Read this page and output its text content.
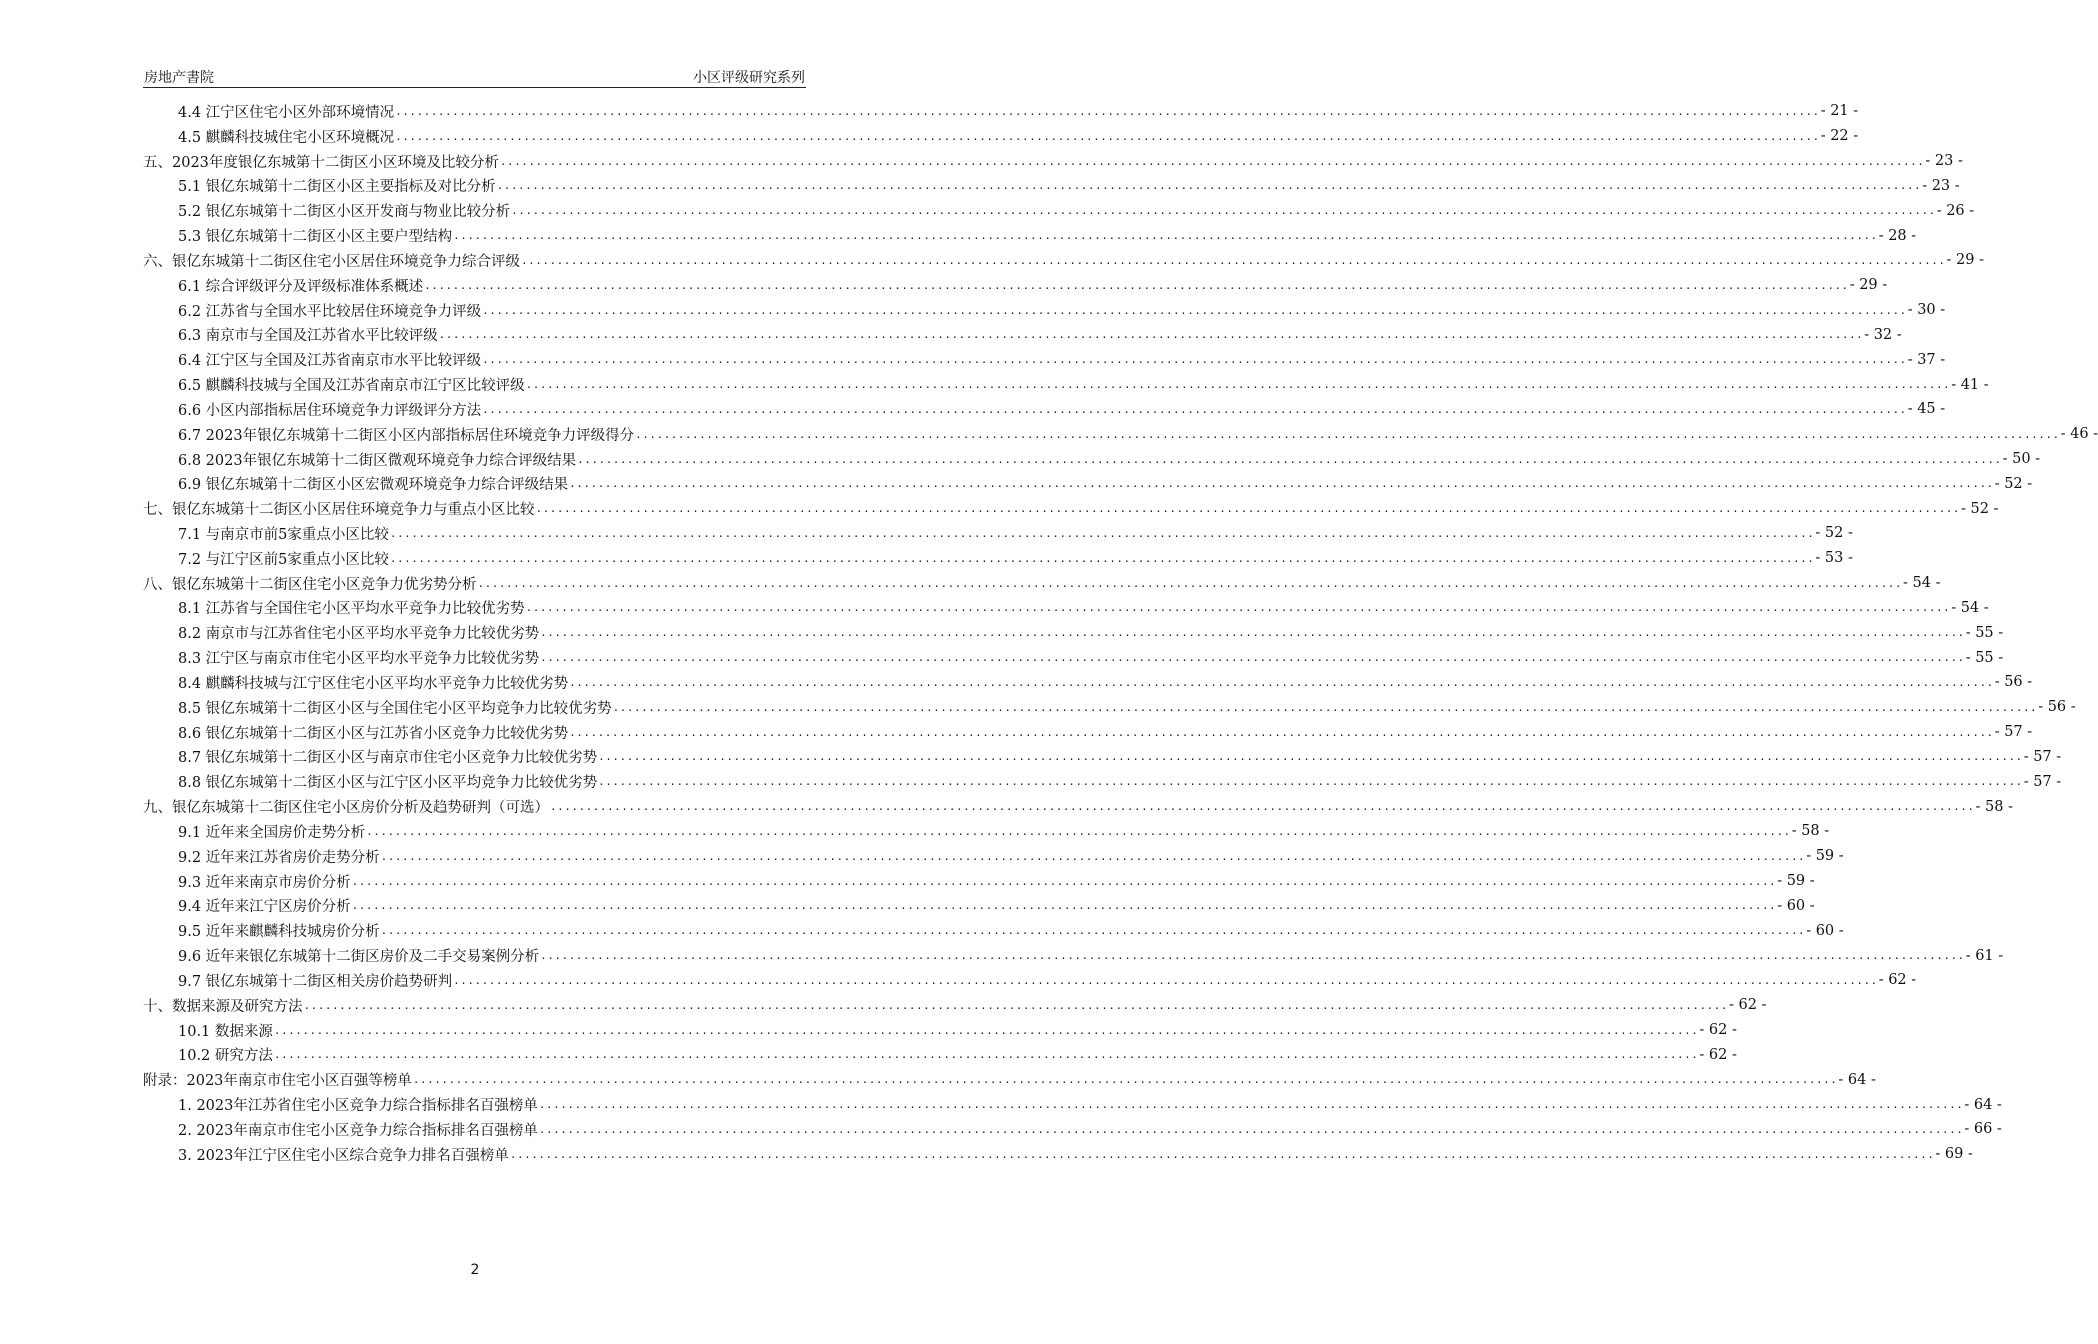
房地产書院	小区评级研究系列
4.4 江宁区住宅小区外部环境情况 ........................................................................................................................................................................................................ - 21 -
4.5 麒麟科技城住宅小区环境概况 ........................................................................................................................................................................................................ - 22 -
五、2023年度银亿东城第十二街区小区环境及比较分析 ........................................................................................................................................................................................................ - 23 -
5.1 银亿东城第十二街区小区主要指标及对比分析 ........................................................................................................................................................................................................ - 23 -
5.2 银亿东城第十二街区小区开发商与物业比较分析 ........................................................................................................................................................................................................ - 26 -
5.3 银亿东城第十二街区小区主要户型结构 ........................................................................................................................................................................................................ - 28 -
六、银亿东城第十二街区住宅小区居住环境竞争力综合评级 ........................................................................................................................................................................................................ - 29 -
6.1 综合评级评分及评级标准体系概述 ........................................................................................................................................................................................................ - 29 -
6.2 江苏省与全国水平比较居住环境竞争力评级 ........................................................................................................................................................................................................ - 30 -
6.3 南京市与全国及江苏省水平比较评级 ........................................................................................................................................................................................................ - 32 -
6.4 江宁区与全国及江苏省南京市水平比较评级 ........................................................................................................................................................................................................ - 37 -
6.5 麒麟科技城与全国及江苏省南京市江宁区比较评级 ........................................................................................................................................................................................................ - 41 -
6.6 小区内部指标居住环境竞争力评级评分方法 ........................................................................................................................................................................................................ - 45 -
6.7 2023年银亿东城第十二街区小区内部指标居住环境竞争力评级得分 ........................................................................................................................................................................................................ - 46 -
6.8 2023年银亿东城第十二街区微观环境竞争力综合评级结果 ........................................................................................................................................................................................................ - 50 -
6.9 银亿东城第十二街区小区宏微观环境竞争力综合评级结果 ........................................................................................................................................................................................................ - 52 -
七、银亿东城第十二街区小区居住环境竞争力与重点小区比较 ........................................................................................................................................................................................................ - 52 -
7.1 与南京市前5家重点小区比较 ........................................................................................................................................................................................................ - 52 -
7.2 与江宁区前5家重点小区比较 ........................................................................................................................................................................................................ - 53 -
八、银亿东城第十二街区住宅小区竞争力优劣势分析 ........................................................................................................................................................................................................ - 54 -
8.1 江苏省与全国住宅小区平均水平竞争力比较优劣势 ........................................................................................................................................................................................................ - 54 -
8.2 南京市与江苏省住宅小区平均水平竞争力比较优劣势 ........................................................................................................................................................................................................ - 55 -
8.3 江宁区与南京市住宅小区平均水平竞争力比较优劣势 ........................................................................................................................................................................................................ - 55 -
8.4 麒麟科技城与江宁区住宅小区平均水平竞争力比较优劣势 ........................................................................................................................................................................................................ - 56 -
8.5 银亿东城第十二街区小区与全国住宅小区平均竞争力比较优劣势 ........................................................................................................................................................................................................ - 56 -
8.6 银亿东城第十二街区小区与江苏省小区竞争力比较优劣势 ........................................................................................................................................................................................................ - 57 -
8.7 银亿东城第十二街区小区与南京市住宅小区竞争力比较优劣势 ........................................................................................................................................................................................................ - 57 -
8.8 银亿东城第十二街区小区与江宁区小区平均竞争力比较优劣势 ........................................................................................................................................................................................................ - 57 -
九、银亿东城第十二街区住宅小区房价分析及趋势研判（可选） ........................................................................................................................................................................................................ - 58 -
9.1 近年来全国房价走势分析 ........................................................................................................................................................................................................ - 58 -
9.2 近年来江苏省房价走势分析 ........................................................................................................................................................................................................ - 59 -
9.3 近年来南京市房价分析 ........................................................................................................................................................................................................ - 59 -
9.4 近年来江宁区房价分析 ........................................................................................................................................................................................................ - 60 -
9.5 近年来麒麟科技城房价分析 ........................................................................................................................................................................................................ - 60 -
9.6 近年来银亿东城第十二街区房价及二手交易案例分析 ........................................................................................................................................................................................................ - 61 -
9.7 银亿东城第十二街区相关房价趋势研判 ........................................................................................................................................................................................................ - 62 -
十、数据来源及研究方法 ........................................................................................................................................................................................................ - 62 -
10.1 数据来源 ........................................................................................................................................................................................................ - 62 -
10.2 研究方法 ........................................................................................................................................................................................................ - 62 -
附录：2023年南京市住宅小区百强等榜单 ........................................................................................................................................................................................................ - 64 -
1. 2023年江苏省住宅小区竞争力综合指标排名百强榜单 ........................................................................................................................................................................................................ - 64 -
2. 2023年南京市住宅小区竞争力综合指标排名百强榜单 ........................................................................................................................................................................................................ - 66 -
3. 2023年江宁区住宅小区综合竞争力排名百强榜单 ........................................................................................................................................................................................................ - 69 -
2
